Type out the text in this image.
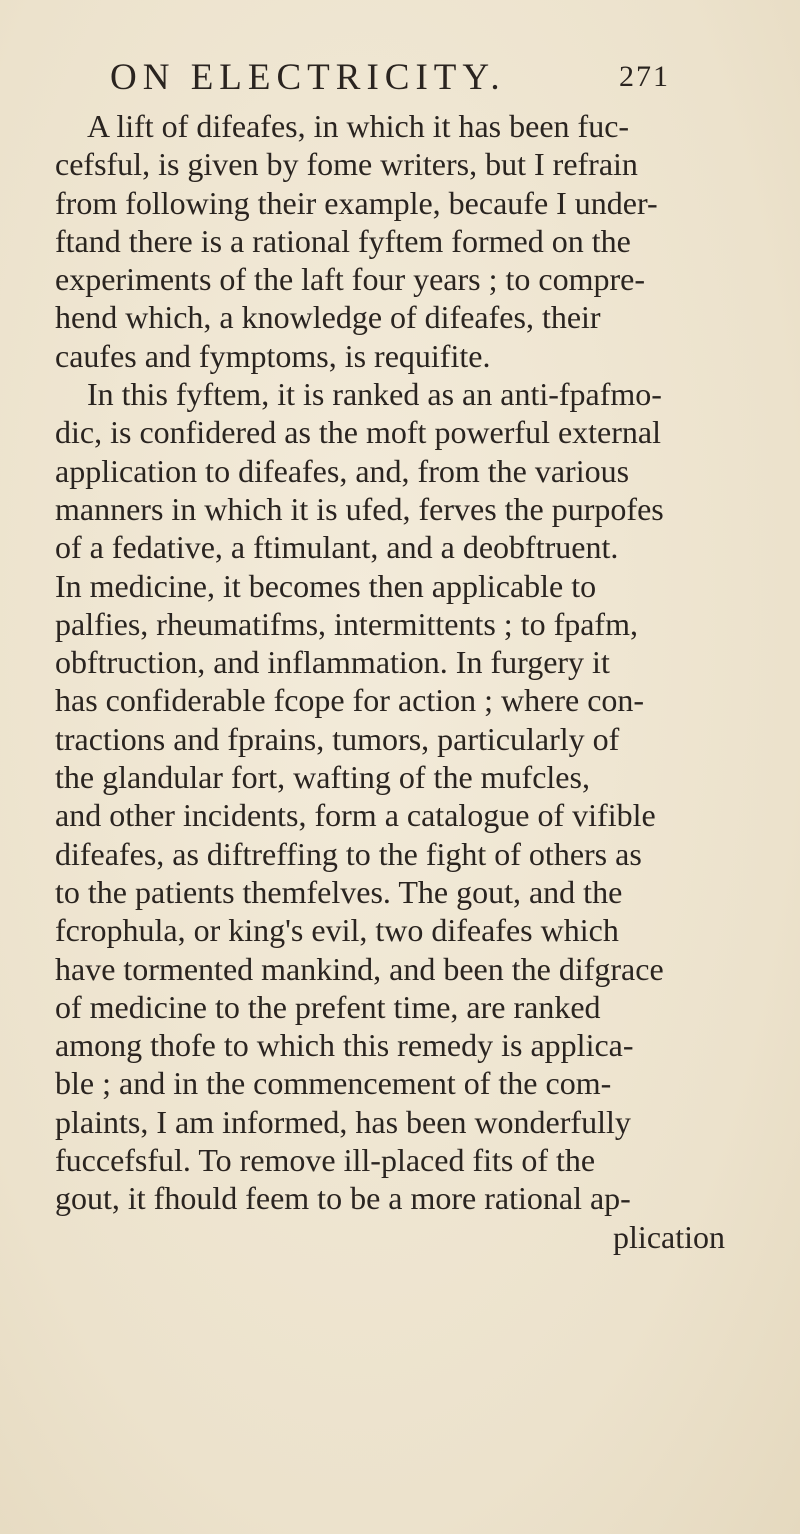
ON ELECTRICITY.	271
A lift of difeafes, in which it has been fuc-
cefsful, is given by fome writers, but I refrain
from following their example, becaufe I under-
ftand there is a rational fyftem formed on the
experiments of the laft four years ; to compre-
hend which, a knowledge of difeafes, their
caufes and fymptoms, is requifite.
In this fyftem, it is ranked as an anti-fpafmo-
dic, is confidered as the moft powerful external
application to difeafes, and, from the various
manners in which it is ufed, ferves the purpofes
of a fedative, a ftimulant, and a deobftruent.
In medicine, it becomes then applicable to
palfies, rheumatifms, intermittents ; to fpafm,
obftruction, and inflammation. In furgery it
has confiderable fcope for action ; where con-
tractions and fprains, tumors, particularly of
the glandular fort, wafting of the mufcles,
and other incidents, form a catalogue of vifible
difeafes, as diftreffing to the fight of others as
to the patients themfelves. The gout, and the
fcrophula, or king's evil, two difeafes which
have tormented mankind, and been the difgrace
of medicine to the prefent time, are ranked
among thofe to which this remedy is applica-
ble ; and in the commencement of the com-
plaints, I am informed, has been wonderfully
fuccefsful. To remove ill-placed fits of the
gout, it fhould feem to be a more rational ap-
plication
